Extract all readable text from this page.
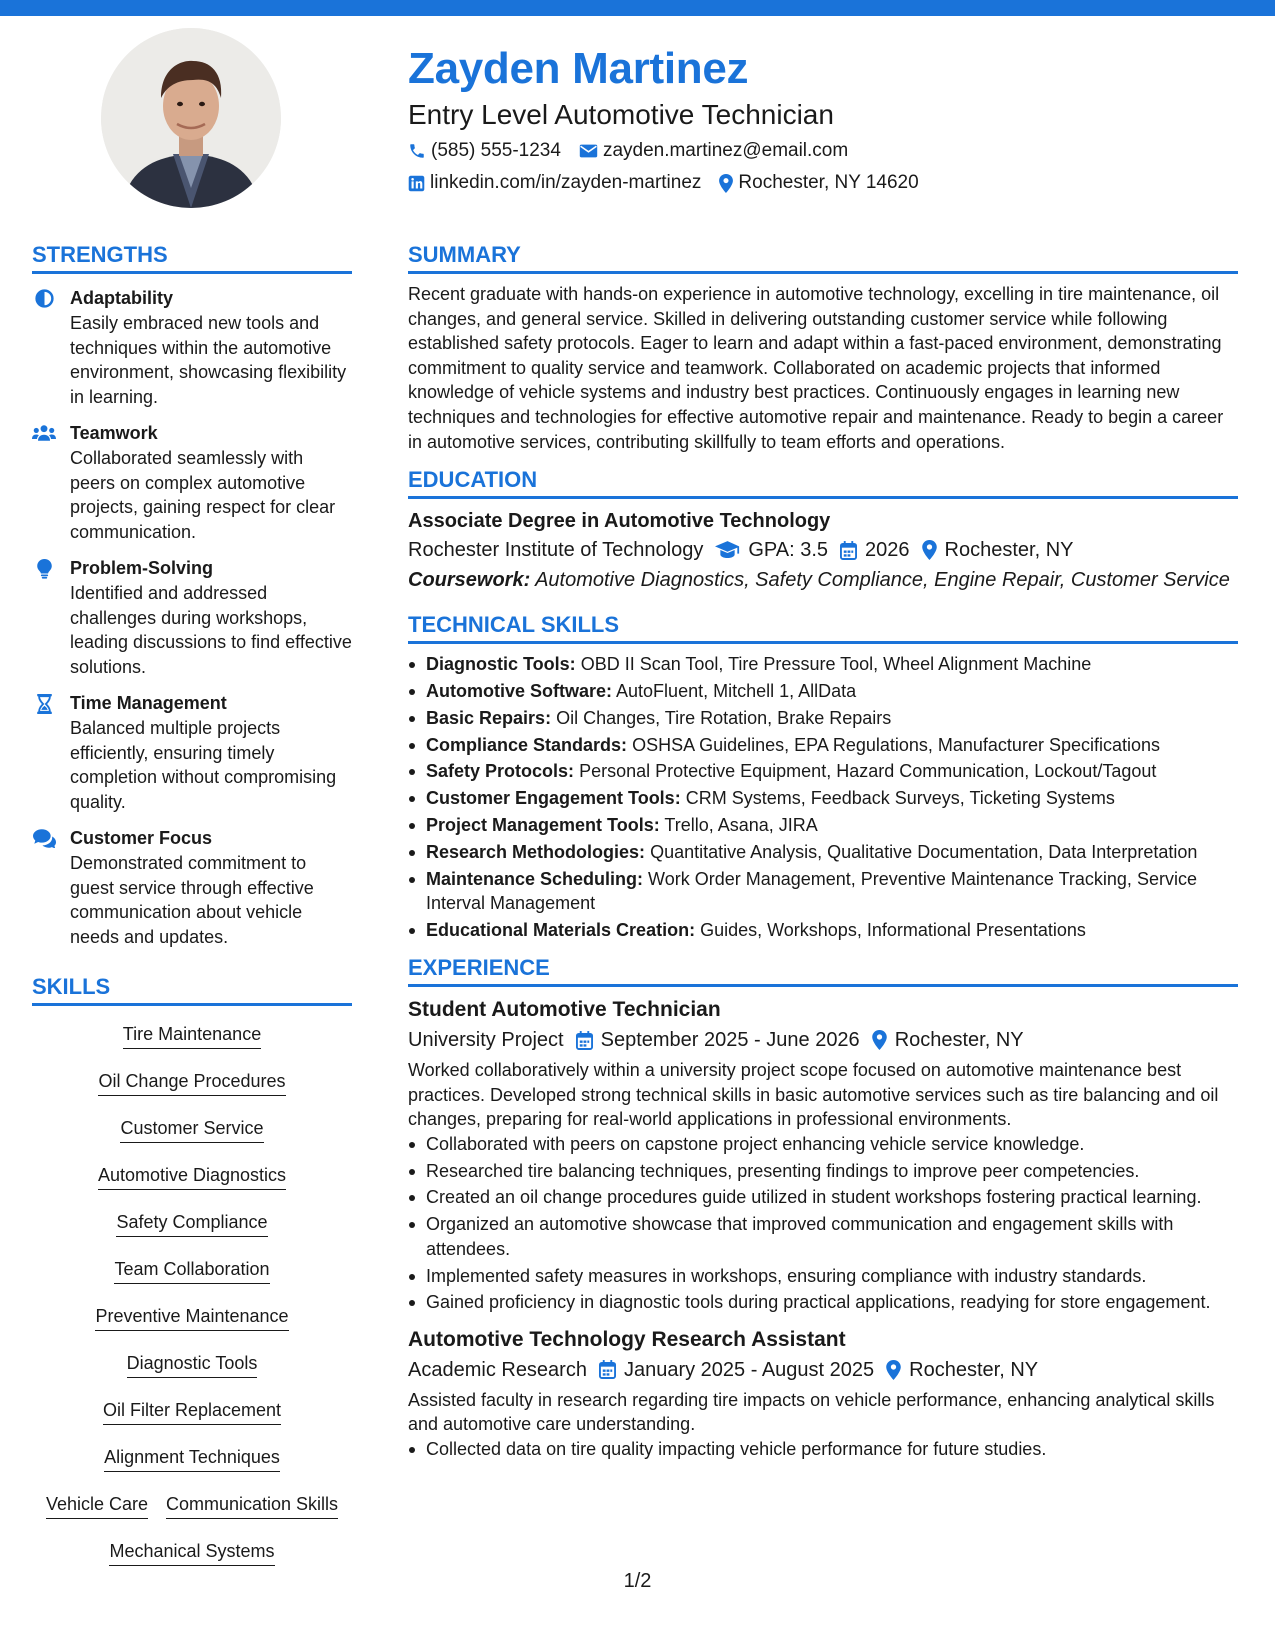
Zayden Martinez
Entry Level Automotive Technician
(585) 555-1234 zayden.martinez@email.com
linkedin.com/in/zayden-martinez Rochester, NY 14620
STRENGTHS
Adaptability
Easily embraced new tools and techniques within the automotive environment, showcasing flexibility in learning.
Teamwork
Collaborated seamlessly with peers on complex automotive projects, gaining respect for clear communication.
Problem-Solving
Identified and addressed challenges during workshops, leading discussions to find effective solutions.
Time Management
Balanced multiple projects efficiently, ensuring timely completion without compromising quality.
Customer Focus
Demonstrated commitment to guest service through effective communication about vehicle needs and updates.
SKILLS
Tire Maintenance
Oil Change Procedures
Customer Service
Automotive Diagnostics
Safety Compliance
Team Collaboration
Preventive Maintenance
Diagnostic Tools
Oil Filter Replacement
Alignment Techniques
Vehicle Care Communication Skills
Mechanical Systems
SUMMARY
Recent graduate with hands-on experience in automotive technology, excelling in tire maintenance, oil changes, and general service. Skilled in delivering outstanding customer service while following established safety protocols. Eager to learn and adapt within a fast-paced environment, demonstrating commitment to quality service and teamwork. Collaborated on academic projects that informed knowledge of vehicle systems and industry best practices. Continuously engages in learning new techniques and technologies for effective automotive repair and maintenance. Ready to begin a career in automotive services, contributing skillfully to team efforts and operations.
EDUCATION
Associate Degree in Automotive Technology
Rochester Institute of Technology GPA: 3.5 2026 Rochester, NY
Coursework: Automotive Diagnostics, Safety Compliance, Engine Repair, Customer Service
TECHNICAL SKILLS
Diagnostic Tools: OBD II Scan Tool, Tire Pressure Tool, Wheel Alignment Machine
Automotive Software: AutoFluent, Mitchell 1, AllData
Basic Repairs: Oil Changes, Tire Rotation, Brake Repairs
Compliance Standards: OSHSA Guidelines, EPA Regulations, Manufacturer Specifications
Safety Protocols: Personal Protective Equipment, Hazard Communication, Lockout/Tagout
Customer Engagement Tools: CRM Systems, Feedback Surveys, Ticketing Systems
Project Management Tools: Trello, Asana, JIRA
Research Methodologies: Quantitative Analysis, Qualitative Documentation, Data Interpretation
Maintenance Scheduling: Work Order Management, Preventive Maintenance Tracking, Service Interval Management
Educational Materials Creation: Guides, Workshops, Informational Presentations
EXPERIENCE
Student Automotive Technician
University Project September 2025 - June 2026 Rochester, NY
Worked collaboratively within a university project scope focused on automotive maintenance best practices. Developed strong technical skills in basic automotive services such as tire balancing and oil changes, preparing for real-world applications in professional environments.
Collaborated with peers on capstone project enhancing vehicle service knowledge.
Researched tire balancing techniques, presenting findings to improve peer competencies.
Created an oil change procedures guide utilized in student workshops fostering practical learning.
Organized an automotive showcase that improved communication and engagement skills with attendees.
Implemented safety measures in workshops, ensuring compliance with industry standards.
Gained proficiency in diagnostic tools during practical applications, readying for store engagement.
Automotive Technology Research Assistant
Academic Research January 2025 - August 2025 Rochester, NY
Assisted faculty in research regarding tire impacts on vehicle performance, enhancing analytical skills and automotive care understanding.
Collected data on tire quality impacting vehicle performance for future studies.
1/2
